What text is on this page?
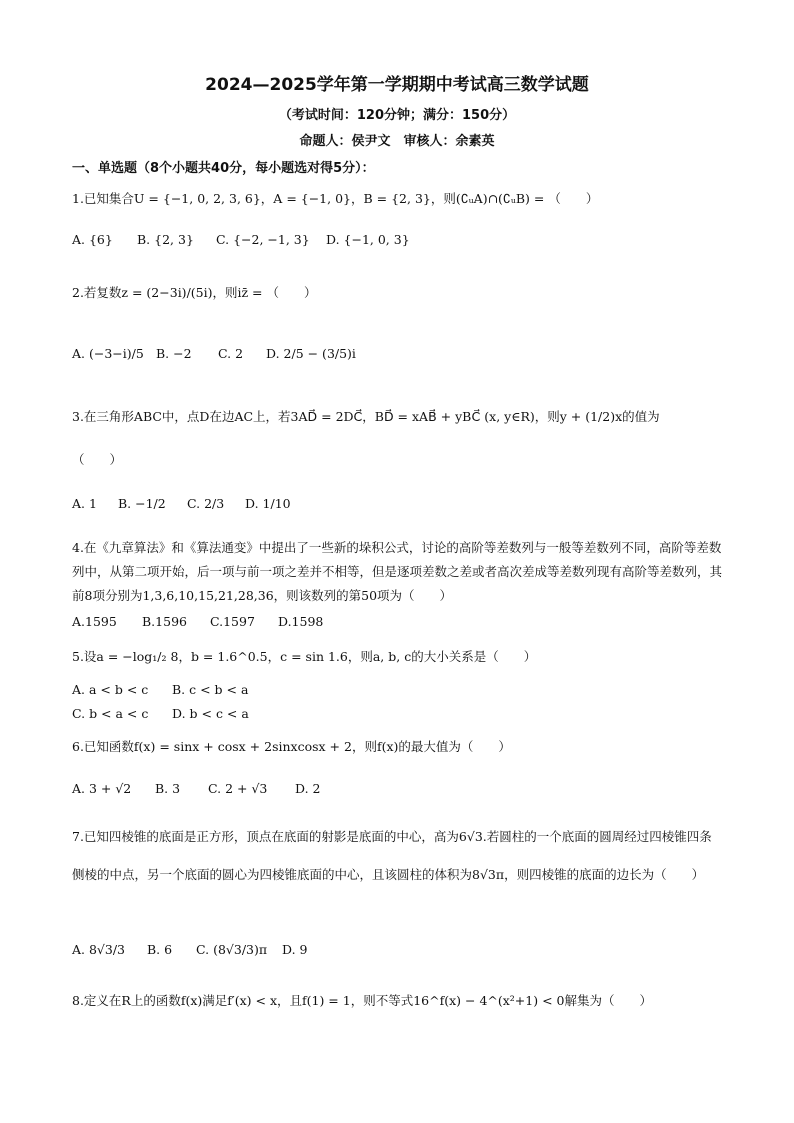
2024—2025学年第一学期期中考试高三数学试题
（考试时间：120分钟；满分：150分）
命题人：侯尹文　审核人：余素英
一、单选题（8个小题共40分，每小题选对得5分）：
1.已知集合U = {−1, 0, 2, 3, 6}，A = {−1, 0}，B = {2, 3}，则(∁ᵤA)∩(∁ᵤB) = （　　）
A. {6} B. {2, 3} C. {−2, −1, 3} D. {−1, 0, 3}
2.若复数z = (2−3i)/(5i)，则iz̄ = （　　）
A. (−3−i)/5 B. −2 C. 2 D. 2/5 − (3/5)i
3.在三角形ABC中，点D在边AC上，若3AD⃗ = 2DC⃗，BD⃗ = xAB⃗ + yBC⃗ (x, y∈R)，则y + (1/2)x的值为
（　　）
A. 1 B. −1/2 C. 2/3 D. 1/10
4.在《九章算法》和《算法通变》中提出了一些新的垛积公式，讨论的高阶等差数列与一般等差数列不同，高阶等差数列中，从第二项开始，后一项与前一项之差并不相等，但是逐项差数之差或者高次差成等差数列现有高阶等差数列，其前8项分别为1,3,6,10,15,21,28,36，则该数列的第50项为（　　）
A.1595 B.1596 C.1597 D.1598
5.设a = −log₁/₂ 8，b = 1.6^0.5，c = sin 1.6，则a, b, c的大小关系是（　　）
A. a < b < c B. c < b < a
C. b < a < c D. b < c < a
6.已知函数f(x) = sinx + cosx + 2sinxcosx + 2，则f(x)的最大值为（　　）
A. 3 + √2 B. 3 C. 2 + √3 D. 2
7.已知四棱锥的底面是正方形，顶点在底面的射影是底面的中心，高为6√3.若圆柱的一个底面的圆周经过四棱锥四条侧棱的中点，另一个底面的圆心为四棱锥底面的中心，且该圆柱的体积为8√3π，则四棱锥的底面的边长为（　　）
A. 8√3/3 B. 6 C. (8√3/3)π D. 9
8.定义在R上的函数f(x)满足f′(x) < x，且f(1) = 1，则不等式16^f(x) − 4^(x²+1) < 0解集为（　　）
